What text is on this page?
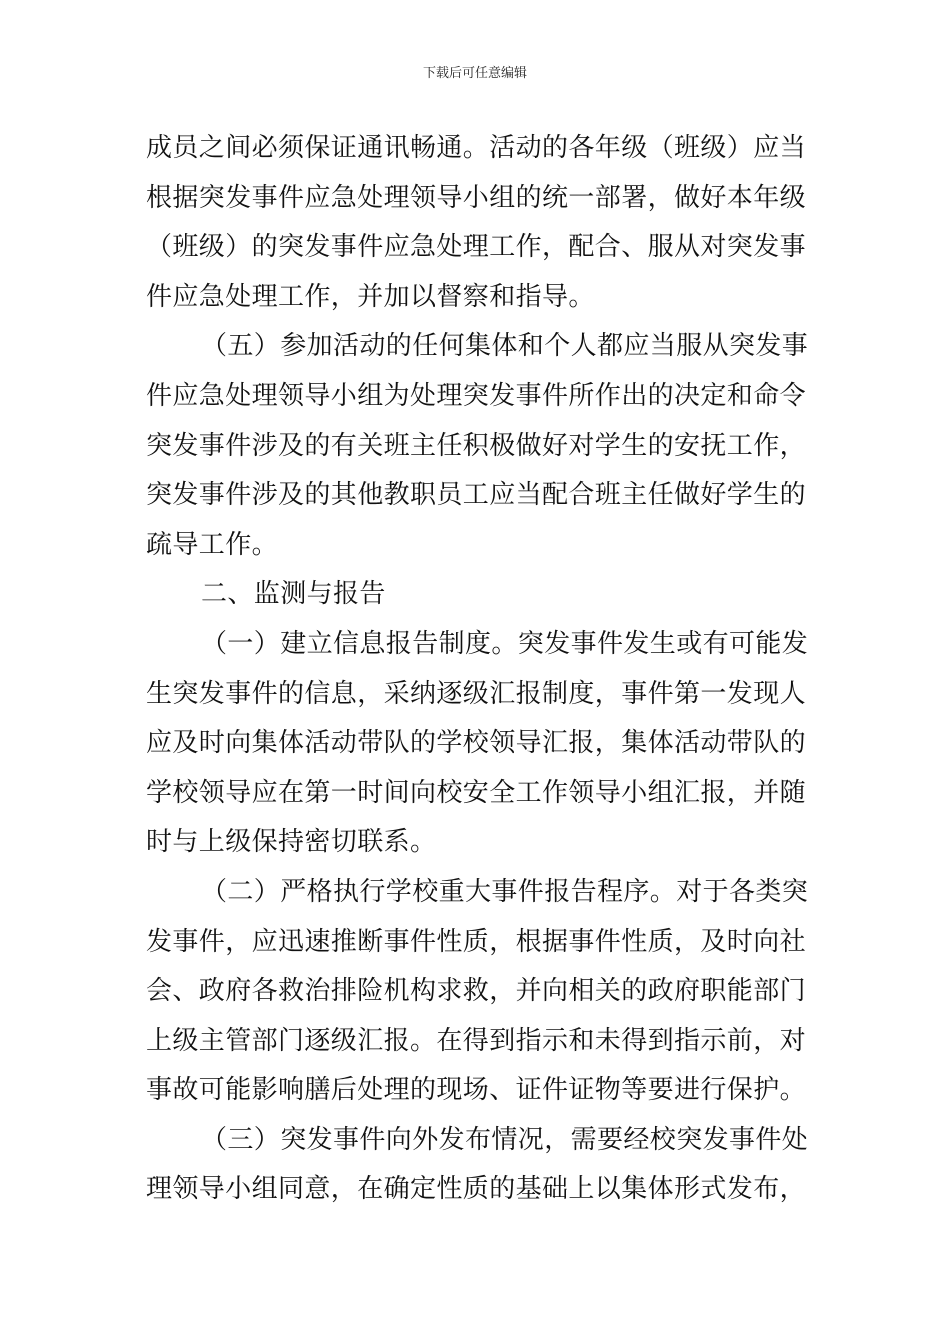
下载后可任意编辑
成员之间必须保证通讯畅通。活动的各年级（班级）应当
根据突发事件应急处理领导小组的统一部署，做好本年级
（班级）的突发事件应急处理工作，配合、服从对突发事
件应急处理工作，并加以督察和指导。
（五）参加活动的任何集体和个人都应当服从突发事
件应急处理领导小组为处理突发事件所作出的决定和命令
突发事件涉及的有关班主任积极做好对学生的安抚工作，
突发事件涉及的其他教职员工应当配合班主任做好学生的
疏导工作。
二、监测与报告
（一）建立信息报告制度。突发事件发生或有可能发
生突发事件的信息，采纳逐级汇报制度，事件第一发现人
应及时向集体活动带队的学校领导汇报，集体活动带队的
学校领导应在第一时间向校安全工作领导小组汇报，并随
时与上级保持密切联系。
（二）严格执行学校重大事件报告程序。对于各类突
发事件，应迅速推断事件性质，根据事件性质，及时向社
会、政府各救治排险机构求救，并向相关的政府职能部门
上级主管部门逐级汇报。在得到指示和未得到指示前，对
事故可能影响膳后处理的现场、证件证物等要进行保护。
（三）突发事件向外发布情况，需要经校突发事件处
理领导小组同意，在确定性质的基础上以集体形式发布，
